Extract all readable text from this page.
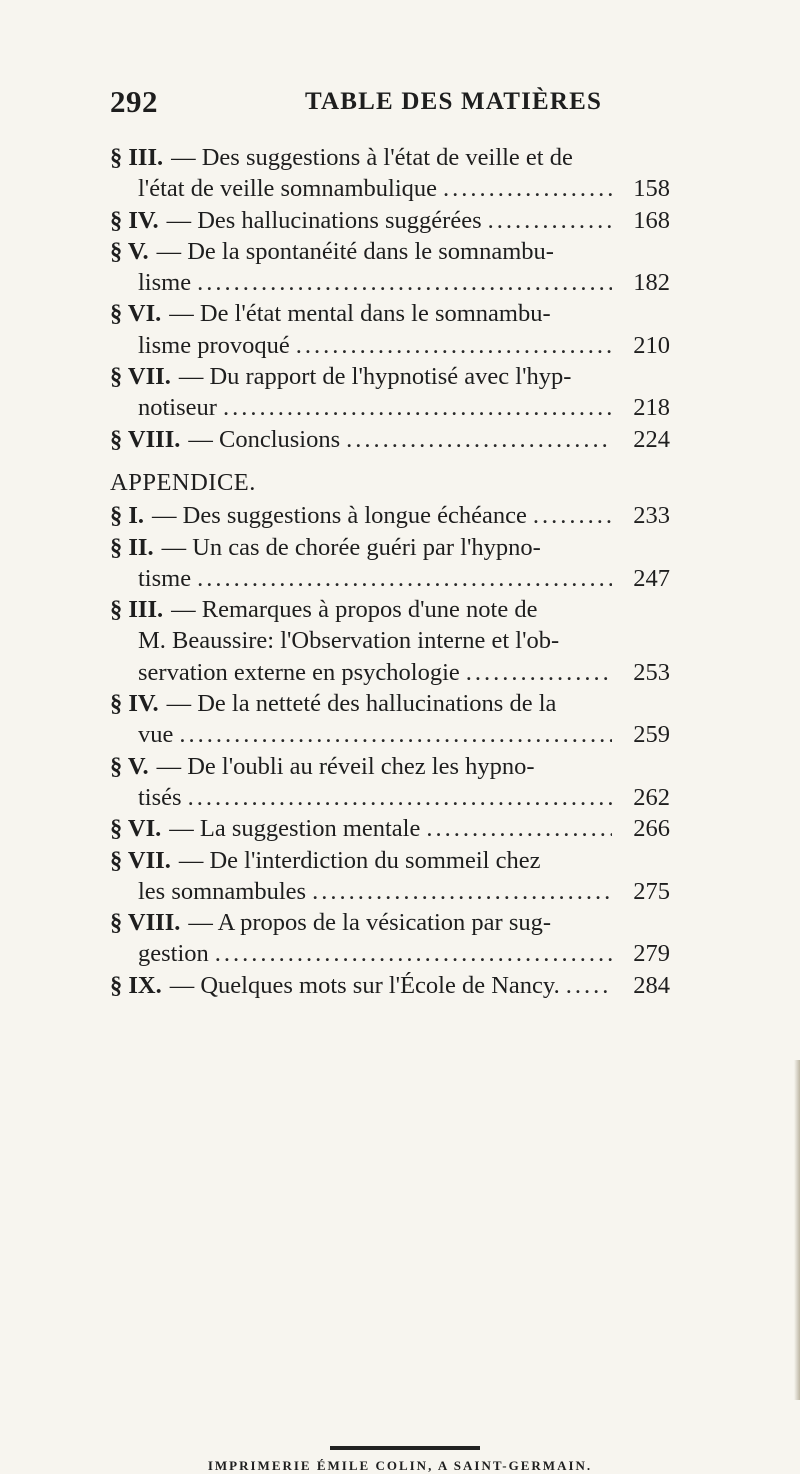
292	TABLE DES MATIÈRES
§ III. — Des suggestions à l'état de veille et de
l'état de veille somnambulique .....	158
§ IV. — Des hallucinations suggérées .....	168
§ V. — De la spontanéité dans le somnambu-
lisme .....	182
§ VI. — De l'état mental dans le somnambu-
lisme provoqué .....	210
§ VII. — Du rapport de l'hypnotisé avec l'hyp-
notiseur .....	218
§ VIII. — Conclusions .....	224
APPENDICE.
§ I. — Des suggestions à longue échéance .....	233
§ II. — Un cas de chorée guéri par l'hypno-
tisme .....	247
§ III. — Remarques à propos d'une note de
M. Beaussire: l'Observation interne et l'ob-
servation externe en psychologie .....	253
§ IV. — De la netteté des hallucinations de la
vue .....	259
§ V. — De l'oubli au réveil chez les hypno-
tisés .....	262
§ VI. — La suggestion mentale .....	266
§ VII. — De l'interdiction du sommeil chez
les somnambules .....	275
§ VIII. — A propos de la vésication par sug-
gestion .....	279
§ IX. — Quelques mots sur l'École de Nancy. .....	284
IMPRIMERIE ÉMILE COLIN, A SAINT-GERMAIN.
